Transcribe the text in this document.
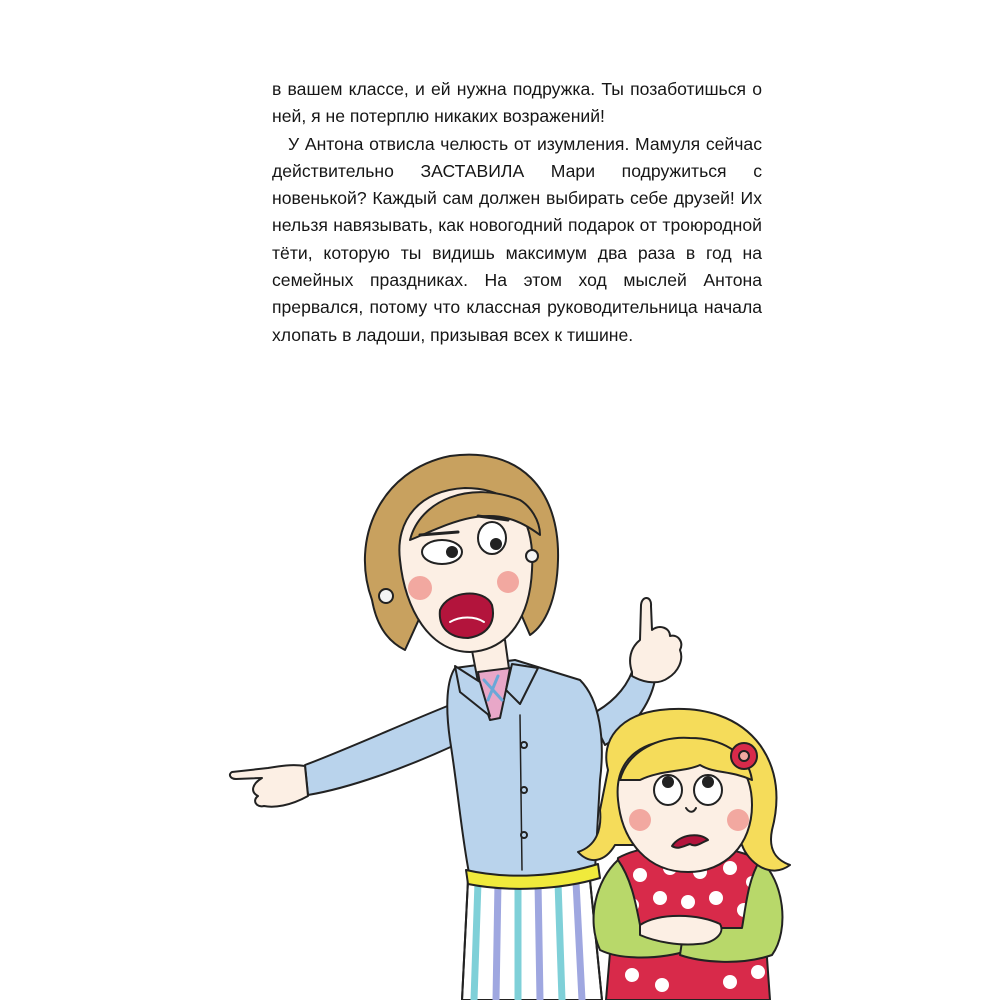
в вашем классе, и ей нужна подружка. Ты позаботишься о ней, я не потерплю никаких возражений!

У Антона отвисла челюсть от изумления. Мамуля сейчас действительно ЗАСТАВИЛА Мари подружиться с новенькой? Каждый сам должен выбирать себе друзей! Их нельзя навязывать, как новогодний подарок от троюродной тёти, которую ты видишь максимум два раза в год на семейных праздниках. На этом ход мыслей Антона прервался, потому что классная руководительница начала хлопать в ладоши, призывая всех к тишине.
